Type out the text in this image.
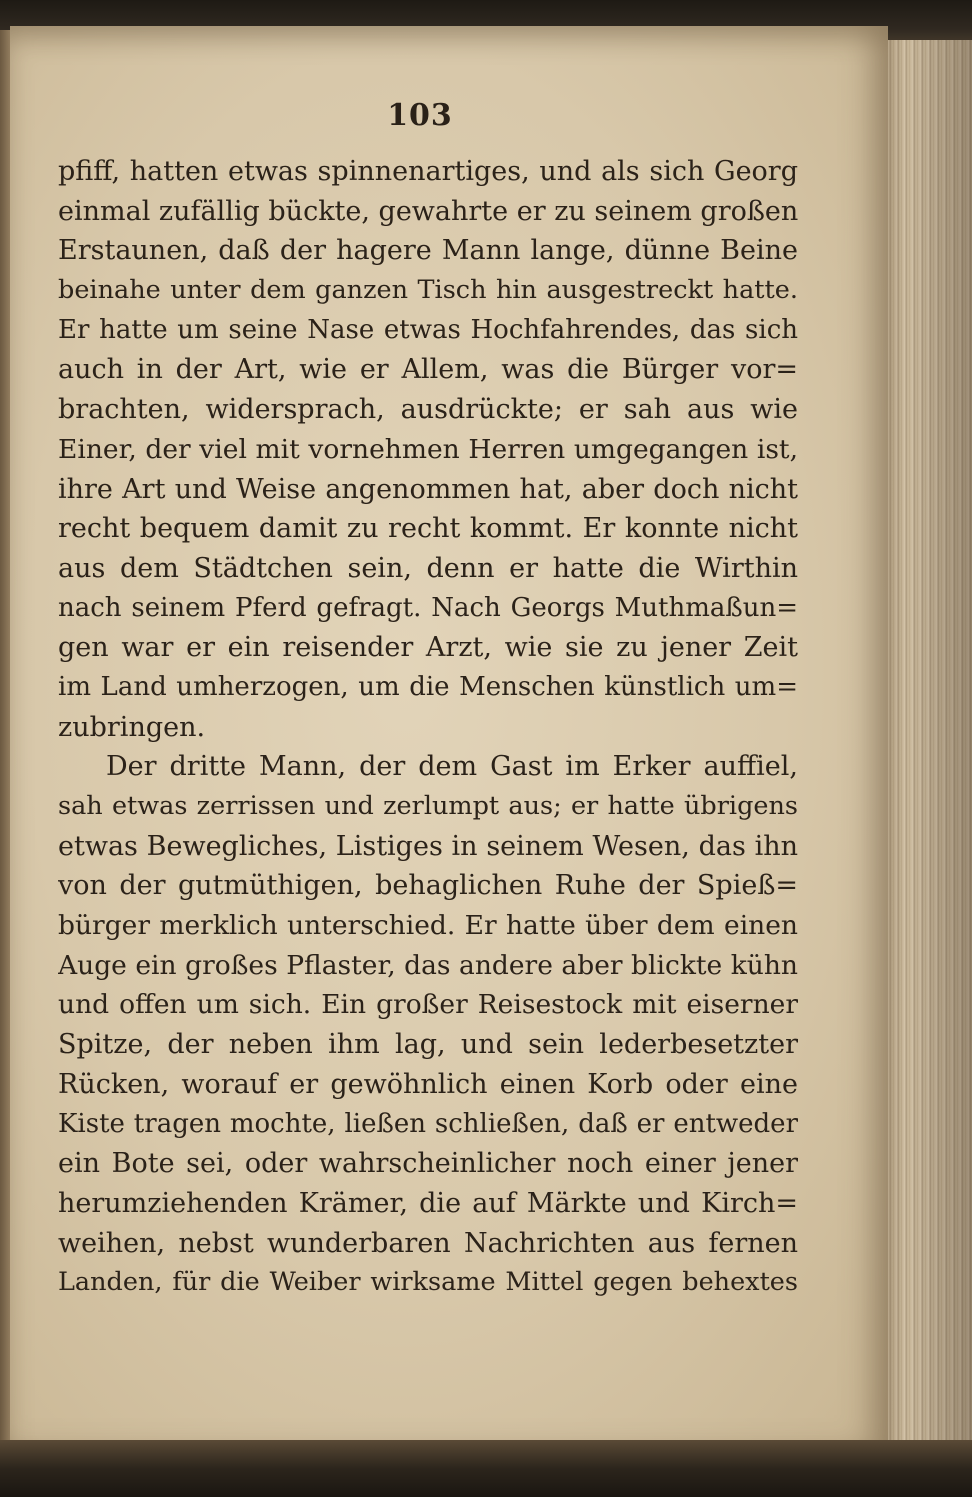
103
pfiff, hatten etwas spinnenartiges, und als sich Georg
einmal zufällig bückte, gewahrte er zu seinem großen
Erstaunen, daß der hagere Mann lange, dünne Beine
beinahe unter dem ganzen Tisch hin ausgestreckt hatte.
Er hatte um seine Nase etwas Hochfahrendes, das sich
auch in der Art, wie er Allem, was die Bürger vor=
brachten, widersprach, ausdrückte; er sah aus wie
Einer, der viel mit vornehmen Herren umgegangen ist,
ihre Art und Weise angenommen hat, aber doch nicht
recht bequem damit zu recht kommt. Er konnte nicht
aus dem Städtchen sein, denn er hatte die Wirthin
nach seinem Pferd gefragt. Nach Georgs Muthmaßun=
gen war er ein reisender Arzt, wie sie zu jener Zeit
im Land umherzogen, um die Menschen künstlich um=
zubringen.
Der dritte Mann, der dem Gast im Erker auffiel,
sah etwas zerrissen und zerlumpt aus; er hatte übrigens
etwas Bewegliches, Listiges in seinem Wesen, das ihn
von der gutmüthigen, behaglichen Ruhe der Spieß=
bürger merklich unterschied. Er hatte über dem einen
Auge ein großes Pflaster, das andere aber blickte kühn
und offen um sich. Ein großer Reisestock mit eiserner
Spitze, der neben ihm lag, und sein lederbesetzter
Rücken, worauf er gewöhnlich einen Korb oder eine
Kiste tragen mochte, ließen schließen, daß er entweder
ein Bote sei, oder wahrscheinlicher noch einer jener
herumziehenden Krämer, die auf Märkte und Kirch=
weihen, nebst wunderbaren Nachrichten aus fernen
Landen, für die Weiber wirksame Mittel gegen behextes
